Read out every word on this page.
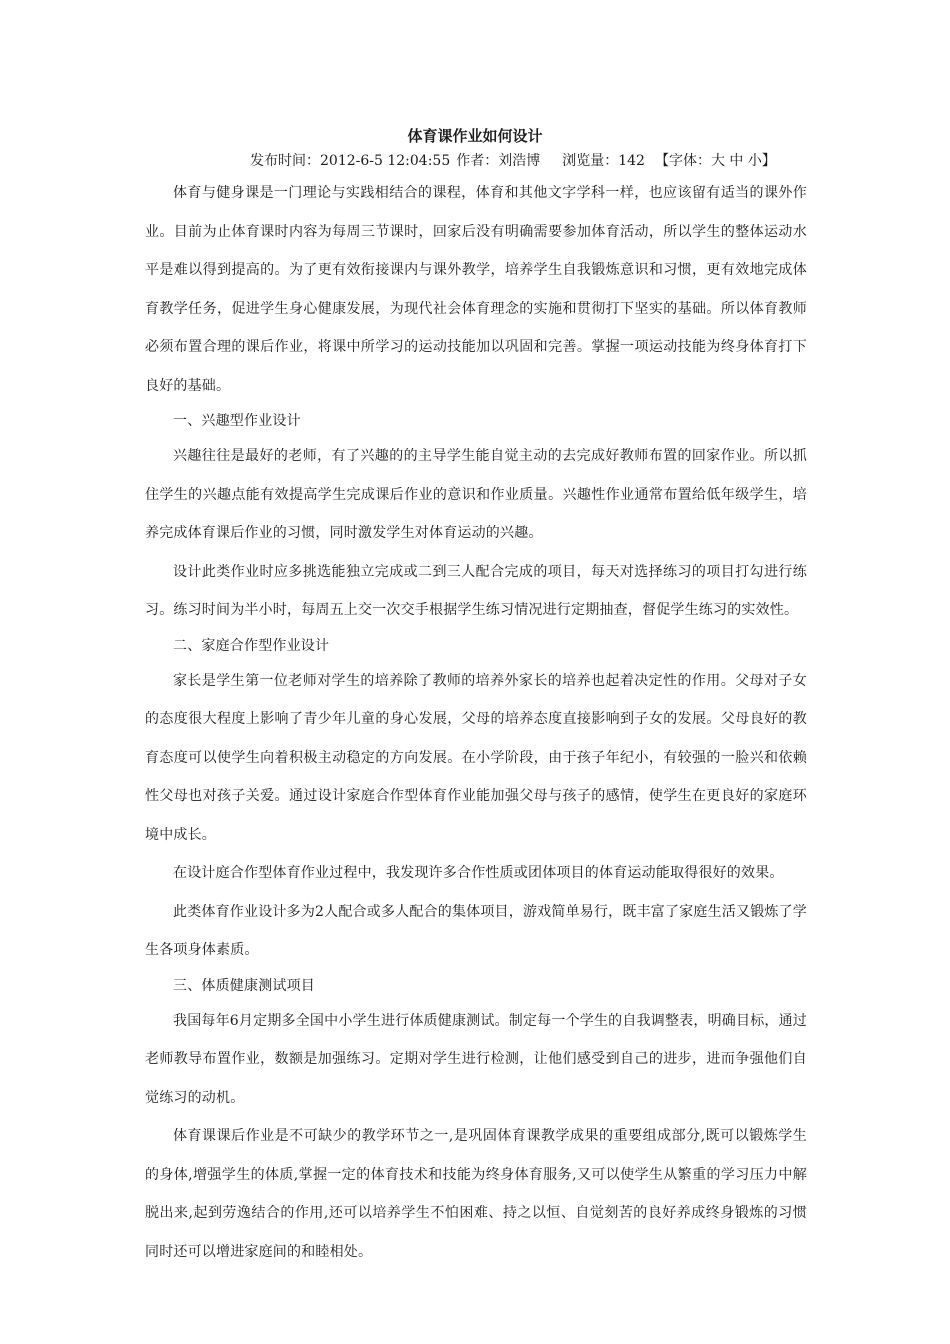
体育课作业如何设计
发布时间：2012-6-5 12:04:55 作者：刘浩博 浏览量：142 【字体：大 中 小】

体育与健身课是一门理论与实践相结合的课程，体育和其他文字学科一样，也应该留有适当的课外作业。目前为止体育课时内容为每周三节课时，回家后没有明确需要参加体育活动，所以学生的整体运动水平是难以得到提高的。为了更有效衔接课内与课外教学，培养学生自我锻炼意识和习惯，更有效地完成体育教学任务，促进学生身心健康发展，为现代社会体育理念的实施和贯彻打下坚实的基础。所以体育教师必须布置合理的课后作业，将课中所学习的运动技能加以巩固和完善。掌握一项运动技能为终身体育打下良好的基础。

一、兴趣型作业设计

兴趣往往是最好的老师，有了兴趣的的主导学生能自觉主动的去完成好教师布置的回家作业。所以抓住学生的兴趣点能有效提高学生完成课后作业的意识和作业质量。兴趣性作业通常布置给低年级学生，培养完成体育课后作业的习惯，同时激发学生对体育运动的兴趣。

设计此类作业时应多挑选能独立完成或二到三人配合完成的项目，每天对选择练习的项目打勾进行练习。练习时间为半小时，每周五上交一次交手根据学生练习情况进行定期抽查，督促学生练习的实效性。

二、家庭合作型作业设计

家长是学生第一位老师对学生的培养除了教师的培养外家长的培养也起着决定性的作用。父母对子女的态度很大程度上影响了青少年儿童的身心发展，父母的培养态度直接影响到子女的发展。父母良好的教育态度可以使学生向着积极主动稳定的方向发展。在小学阶段，由于孩子年纪小，有较强的一脸兴和依赖性父母也对孩子关爱。通过设计家庭合作型体育作业能加强父母与孩子的感情，使学生在更良好的家庭环境中成长。

在设计庭合作型体育作业过程中，我发现许多合作性质或团体项目的体育运动能取得很好的效果。

此类体育作业设计多为2人配合或多人配合的集体项目，游戏简单易行，既丰富了家庭生活又锻炼了学生各项身体素质。

三、体质健康测试项目

我国每年6月定期多全国中小学生进行体质健康测试。制定每一个学生的自我调整表，明确目标，通过老师教导布置作业，数额是加强练习。定期对学生进行检测，让他们感受到自己的进步，进而争强他们自觉练习的动机。

体育课课后作业是不可缺少的教学环节之一,是巩固体育课教学成果的重要组成部分,既可以锻炼学生的身体,增强学生的体质,掌握一定的体育技术和技能为终身体育服务,又可以使学生从繁重的学习压力中解脱出来,起到劳逸结合的作用,还可以培养学生不怕困难、持之以恒、自觉刻苦的良好养成终身锻炼的习惯同时还可以增进家庭间的和睦相处。
